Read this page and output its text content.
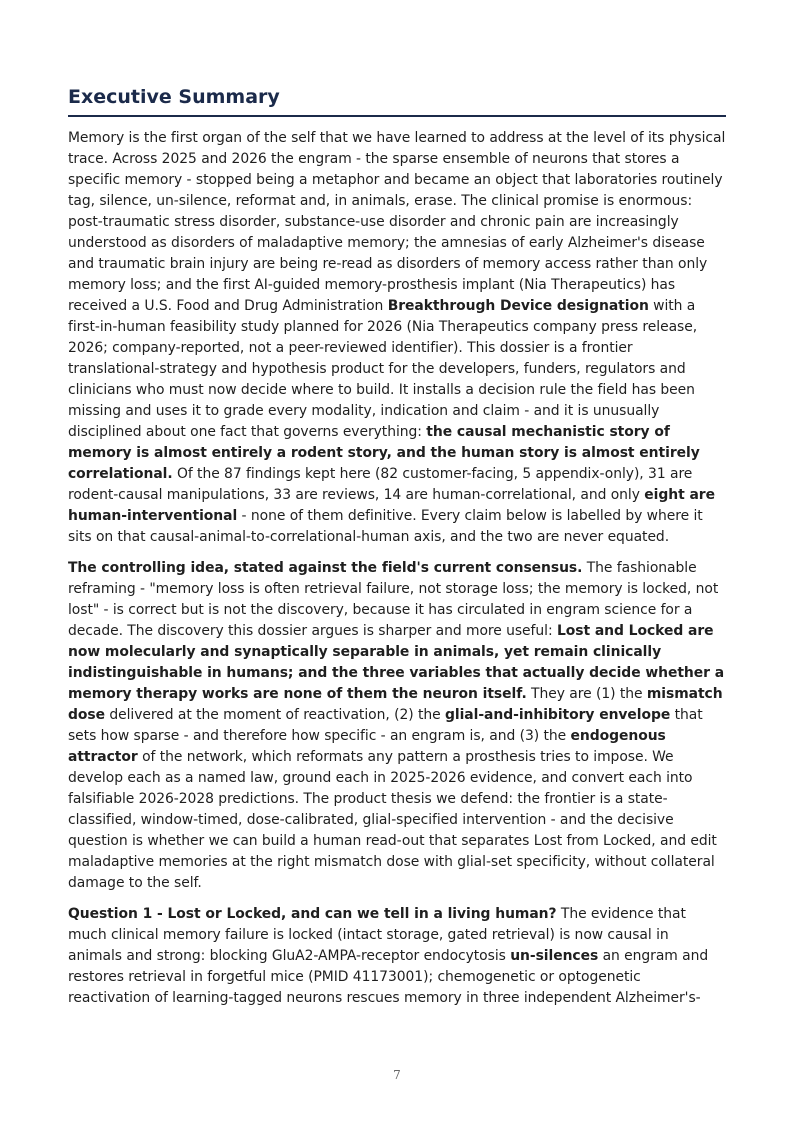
Executive Summary

Memory is the first organ of the self that we have learned to address at the level of its physical trace. Across 2025 and 2026 the engram - the sparse ensemble of neurons that stores a specific memory - stopped being a metaphor and became an object that laboratories routinely tag, silence, un-silence, reformat and, in animals, erase. The clinical promise is enormous: post-traumatic stress disorder, substance-use disorder and chronic pain are increasingly understood as disorders of maladaptive memory; the amnesias of early Alzheimer's disease and traumatic brain injury are being re-read as disorders of memory access rather than only memory loss; and the first AI-guided memory-prosthesis implant (Nia Therapeutics) has received a U.S. Food and Drug Administration Breakthrough Device designation with a first-in-human feasibility study planned for 2026 (Nia Therapeutics company press release, 2026; company-reported, not a peer-reviewed identifier). This dossier is a frontier translational-strategy and hypothesis product for the developers, funders, regulators and clinicians who must now decide where to build. It installs a decision rule the field has been missing and uses it to grade every modality, indication and claim - and it is unusually disciplined about one fact that governs everything: the causal mechanistic story of memory is almost entirely a rodent story, and the human story is almost entirely correlational. Of the 87 findings kept here (82 customer-facing, 5 appendix-only), 31 are rodent-causal manipulations, 33 are reviews, 14 are human-correlational, and only eight are human-interventional - none of them definitive. Every claim below is labelled by where it sits on that causal-animal-to-correlational-human axis, and the two are never equated.

The controlling idea, stated against the field's current consensus. The fashionable reframing - "memory loss is often retrieval failure, not storage loss; the memory is locked, not lost" - is correct but is not the discovery, because it has circulated in engram science for a decade. The discovery this dossier argues is sharper and more useful: Lost and Locked are now molecularly and synaptically separable in animals, yet remain clinically indistinguishable in humans; and the three variables that actually decide whether a memory therapy works are none of them the neuron itself. They are (1) the mismatch dose delivered at the moment of reactivation, (2) the glial-and-inhibitory envelope that sets how sparse - and therefore how specific - an engram is, and (3) the endogenous attractor of the network, which reformats any pattern a prosthesis tries to impose. We develop each as a named law, ground each in 2025-2026 evidence, and convert each into falsifiable 2026-2028 predictions. The product thesis we defend: the frontier is a state-classified, window-timed, dose-calibrated, glial-specified intervention - and the decisive question is whether we can build a human read-out that separates Lost from Locked, and edit maladaptive memories at the right mismatch dose with glial-set specificity, without collateral damage to the self.

Question 1 - Lost or Locked, and can we tell in a living human? The evidence that much clinical memory failure is locked (intact storage, gated retrieval) is now causal in animals and strong: blocking GluA2-AMPA-receptor endocytosis un-silences an engram and restores retrieval in forgetful mice (PMID 41173001); chemogenetic or optogenetic reactivation of learning-tagged neurons rescues memory in three independent Alzheimer's-

7
